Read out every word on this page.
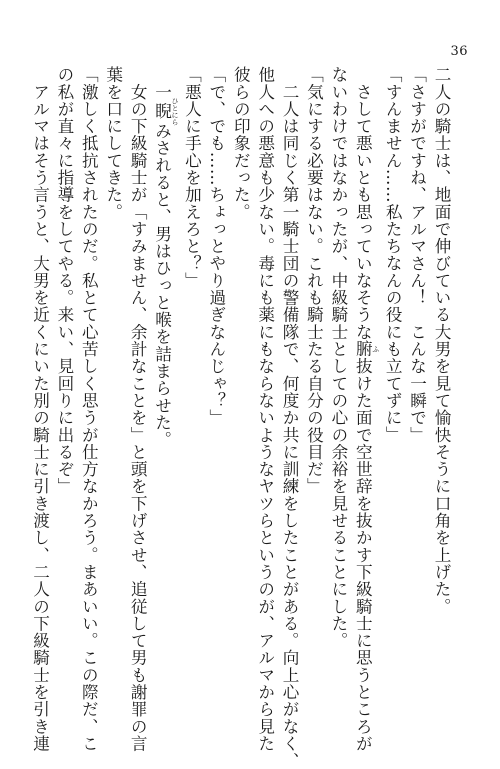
36
二人の騎士は、地面で伸びている大男を見て愉快そうに口角を上げた。
「さすがですね、アルマさん！　こんな一瞬で」
「すんません……私たちなんの役にも立てずに」
　さして悪いとも思っていなそうな腑 ふ抜けた面で空世辞を抜かす下級騎士に思うところが
ないわけではなかったが、中級騎士としての心の余裕を見せることにした。
「気にする必要はない。これも騎士たる自分の役目だ」
　二人は同じく第一騎士団の警備隊で、何度か共に訓練をしたことがある。向上心がなく、
他人への悪意も少ない。毒にも薬にもならないようなヤツらというのが、アルマから見た
彼らの印象だった。
「で、でも……ちょっとやり過ぎなんじゃ？」
「悪人に手心を加えろと？」
　一睨 ひとにらみされると、男はひっと喉を詰まらせた。
　女の下級騎士が「すみません、余計なことを」と頭を下げさせ、追従して男も謝罪の言
葉を口にしてきた。
「激しく抵抗されたのだ。私とて心苦しく思うが仕方なかろう。まあいい。この際だ、こ
の私が直々に指導をしてやる。来い、見回りに出るぞ」
　アルマはそう言うと、大男を近くにいた別の騎士に引き渡し、二人の下級騎士を引き連
